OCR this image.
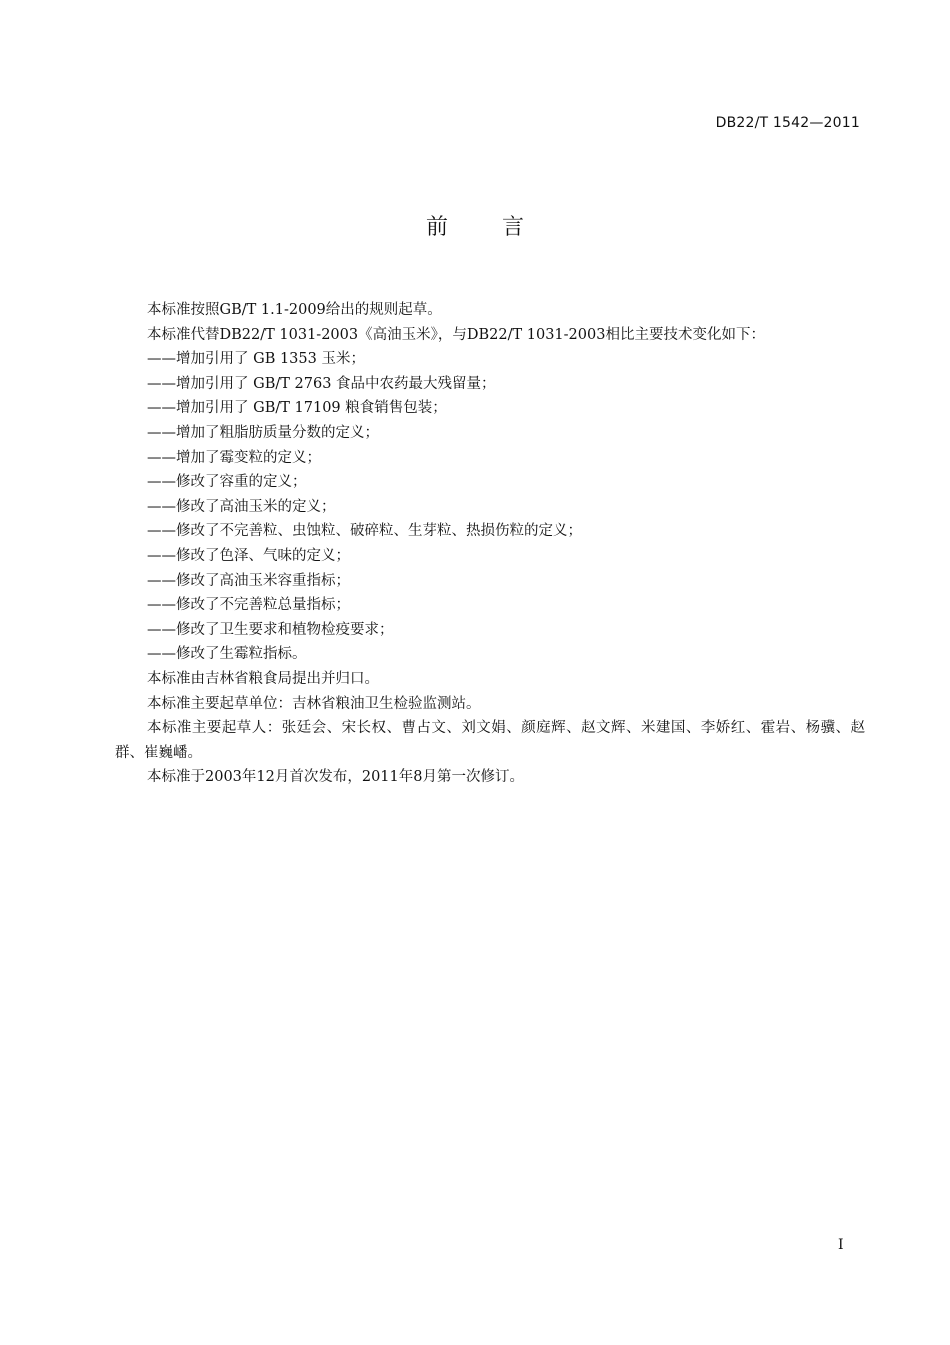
DB22/T 1542—2011
前言

本标准按照GB/T 1.1-2009给出的规则起草。

本标准代替DB22/T 1031-2003《高油玉米》，与DB22/T 1031-2003相比主要技术变化如下：

——增加引用了 GB 1353 玉米；

——增加引用了 GB/T 2763 食品中农药最大残留量；

——增加引用了 GB/T 17109 粮食销售包装；

——增加了粗脂肪质量分数的定义；

——增加了霉变粒的定义；

——修改了容重的定义；

——修改了高油玉米的定义；

——修改了不完善粒、虫蚀粒、破碎粒、生芽粒、热损伤粒的定义；

——修改了色泽、气味的定义；

——修改了高油玉米容重指标；

——修改了不完善粒总量指标；

——修改了卫生要求和植物检疫要求；

——修改了生霉粒指标。

本标准由吉林省粮食局提出并归口。

本标准主要起草单位：吉林省粮油卫生检验监测站。

本标准主要起草人：张廷会、宋长权、曹占文、刘文娟、颜庭辉、赵文辉、米建国、李娇红、霍岩、杨骥、赵群、崔巍嶓。

本标准于2003年12月首次发布，2011年8月第一次修订。

I
